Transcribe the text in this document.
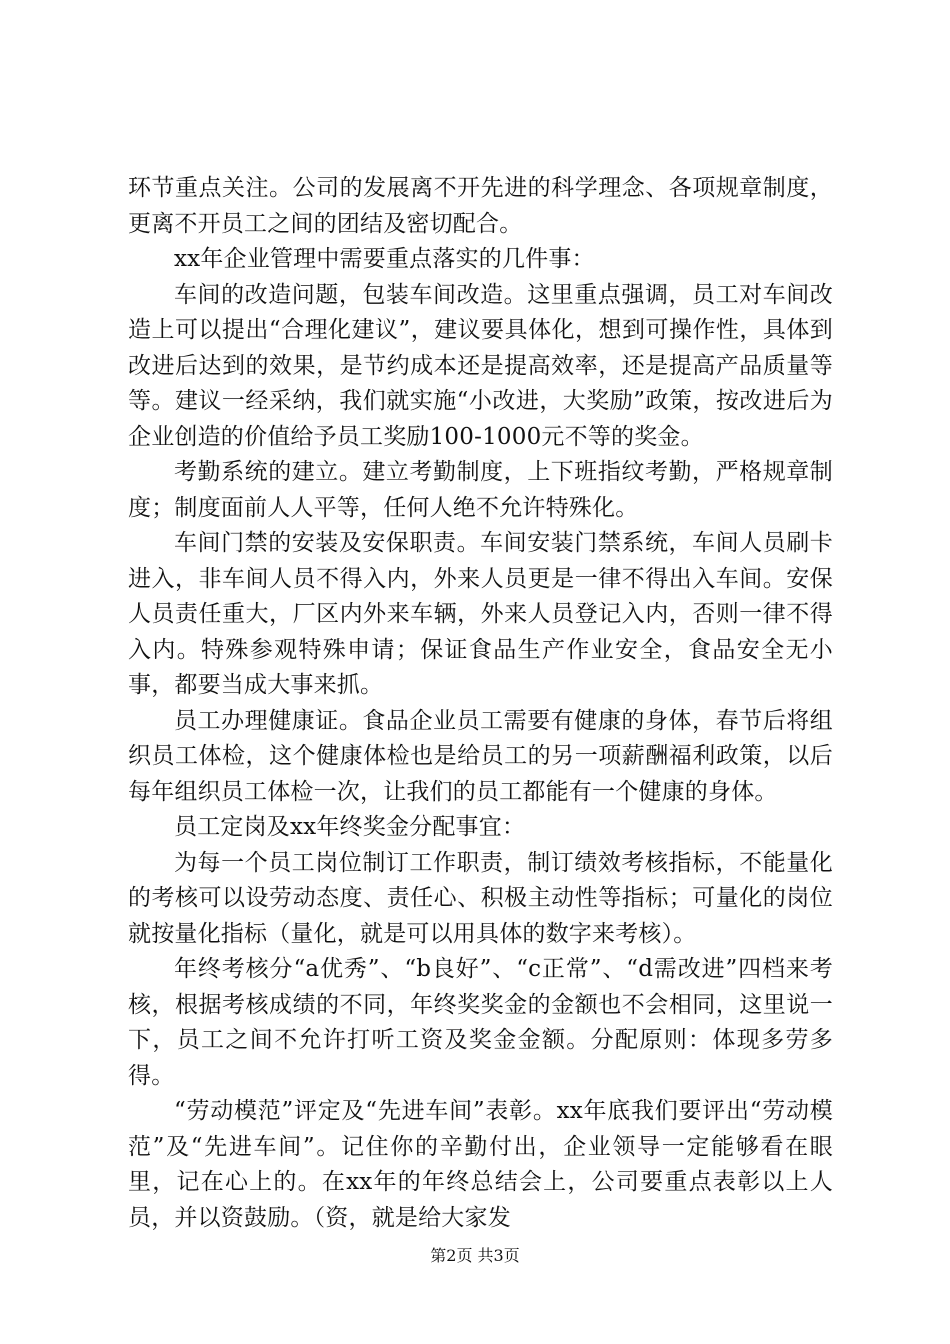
环节重点关注。公司的发展离不开先进的科学理念、各项规章制度，更离不开员工之间的团结及密切配合。

xx年企业管理中需要重点落实的几件事：

车间的改造问题，包装车间改造。这里重点强调，员工对车间改造上可以提出“合理化建议”，建议要具体化，想到可操作性，具体到改进后达到的效果，是节约成本还是提高效率，还是提高产品质量等等。建议一经采纳，我们就实施“小改进，大奖励”政策，按改进后为企业创造的价值给予员工奖励100-1000元不等的奖金。

考勤系统的建立。建立考勤制度，上下班指纹考勤，严格规章制度；制度面前人人平等，任何人绝不允许特殊化。

车间门禁的安装及安保职责。车间安装门禁系统，车间人员刷卡进入，非车间人员不得入内，外来人员更是一律不得出入车间。安保人员责任重大，厂区内外来车辆，外来人员登记入内，否则一律不得入内。特殊参观特殊申请；保证食品生产作业安全，食品安全无小事，都要当成大事来抓。

员工办理健康证。食品企业员工需要有健康的身体，春节后将组织员工体检，这个健康体检也是给员工的另一项薪酬福利政策，以后每年组织员工体检一次，让我们的员工都能有一个健康的身体。

员工定岗及xx年终奖金分配事宜：

为每一个员工岗位制订工作职责，制订绩效考核指标，不能量化的考核可以设劳动态度、责任心、积极主动性等指标；可量化的岗位就按量化指标（量化，就是可以用具体的数字来考核）。

年终考核分“a优秀”、“b良好”、“c正常”、“d需改进”四档来考核，根据考核成绩的不同，年终奖奖金的金额也不会相同，这里说一下，员工之间不允许打听工资及奖金金额。分配原则：体现多劳多得。

“劳动模范”评定及“先进车间”表彰。xx年底我们要评出“劳动模范”及“先进车间”。记住你的辛勤付出，企业领导一定能够看在眼里，记在心上的。在xx年的年终总结会上，公司要重点表彰以上人员，并以资鼓励。（资，就是给大家发

第2页 共3页
